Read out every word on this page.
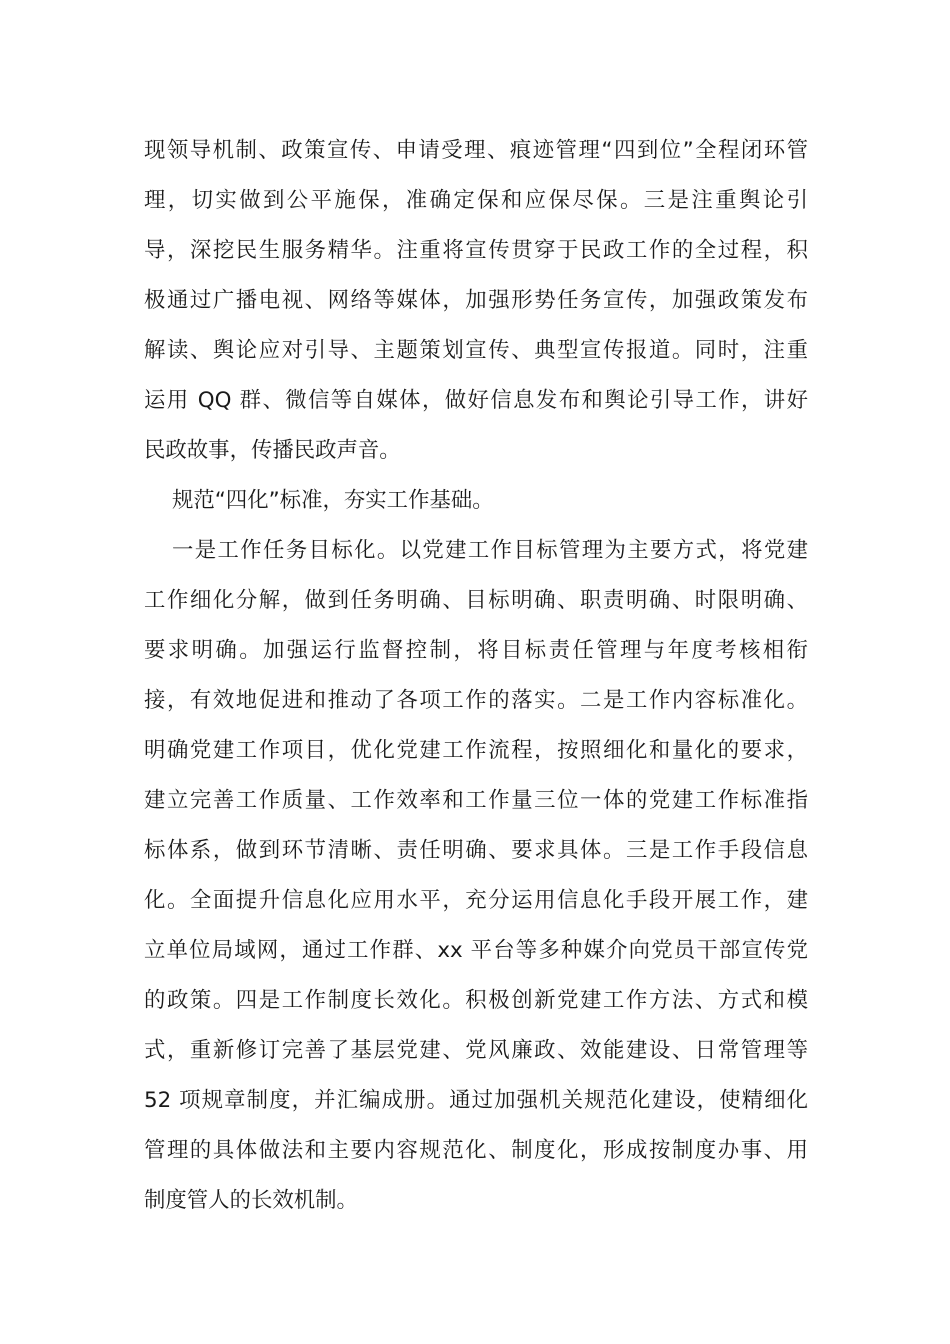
现领导机制、政策宣传、申请受理、痕迹管理“四到位”全程闭环管
理，切实做到公平施保，准确定保和应保尽保。三是注重舆论引
导，深挖民生服务精华。注重将宣传贯穿于民政工作的全过程，积
极通过广播电视、网络等媒体，加强形势任务宣传，加强政策发布
解读、舆论应对引导、主题策划宣传、典型宣传报道。同时，注重
运用 QQ 群、微信等自媒体，做好信息发布和舆论引导工作，讲好
民政故事，传播民政声音。
规范“四化”标准，夯实工作基础。
一是工作任务目标化。以党建工作目标管理为主要方式，将党建
工作细化分解，做到任务明确、目标明确、职责明确、时限明确、
要求明确。加强运行监督控制，将目标责任管理与年度考核相衔
接，有效地促进和推动了各项工作的落实。二是工作内容标准化。
明确党建工作项目，优化党建工作流程，按照细化和量化的要求，
建立完善工作质量、工作效率和工作量三位一体的党建工作标准指
标体系，做到环节清晰、责任明确、要求具体。三是工作手段信息
化。全面提升信息化应用水平，充分运用信息化手段开展工作，建
立单位局域网，通过工作群、xx 平台等多种媒介向党员干部宣传党
的政策。四是工作制度长效化。积极创新党建工作方法、方式和模
式，重新修订完善了基层党建、党风廉政、效能建设、日常管理等
52 项规章制度，并汇编成册。通过加强机关规范化建设，使精细化
管理的具体做法和主要内容规范化、制度化，形成按制度办事、用
制度管人的长效机制。
